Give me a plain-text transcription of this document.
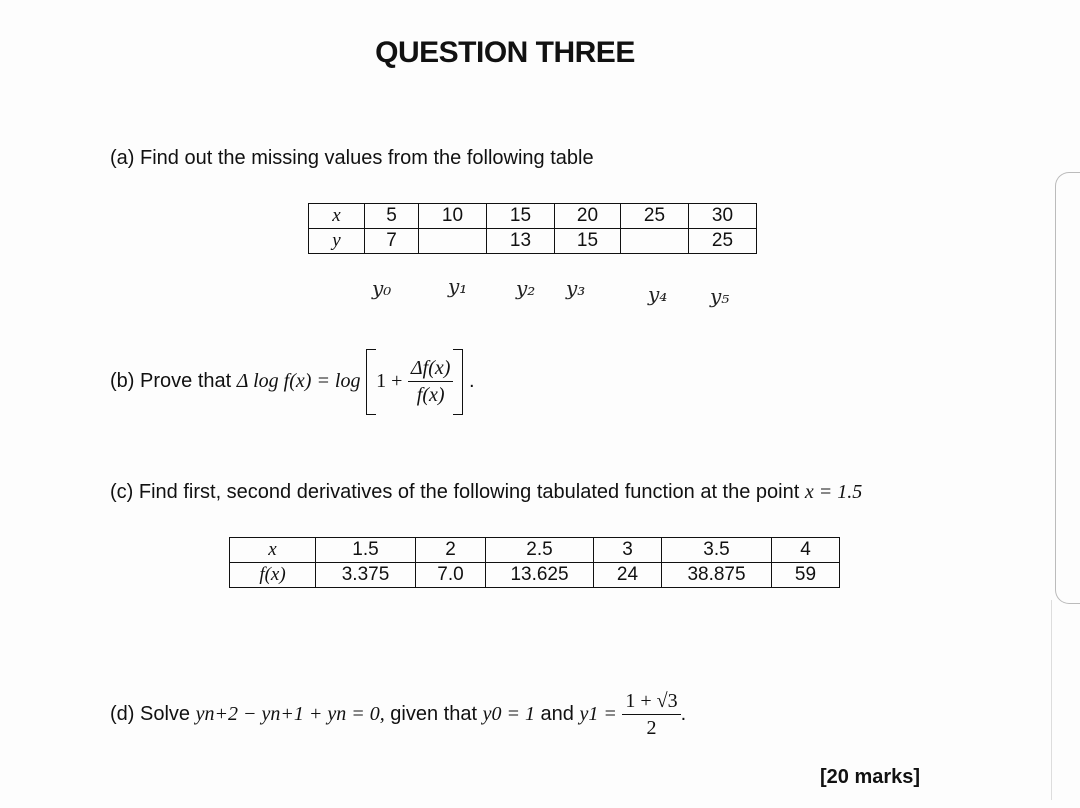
QUESTION THREE
(a) Find out the missing values from the following table
x	5	10	15	20	25	30
y	7		13	15		25
y₀	y₁ y₂ y₃	y₄ y₅
(b) Prove that Δ $\log f(x) = \log 1 + \frac{\Delta f(x)}{f(x)}$ .
(c) Find first, second derivatives of the following tabulated function at the point x = 1.5
x	1.5	2	2.5	3	3.5	4
f(x)	3.375	7.0	13.625	24	38.875	59
(d) Solve yn+2 − yn+1 + yn = 0, given that y0 = 1 and $y1 = \frac{1 + √3}{2}$ .
[20 marks]
